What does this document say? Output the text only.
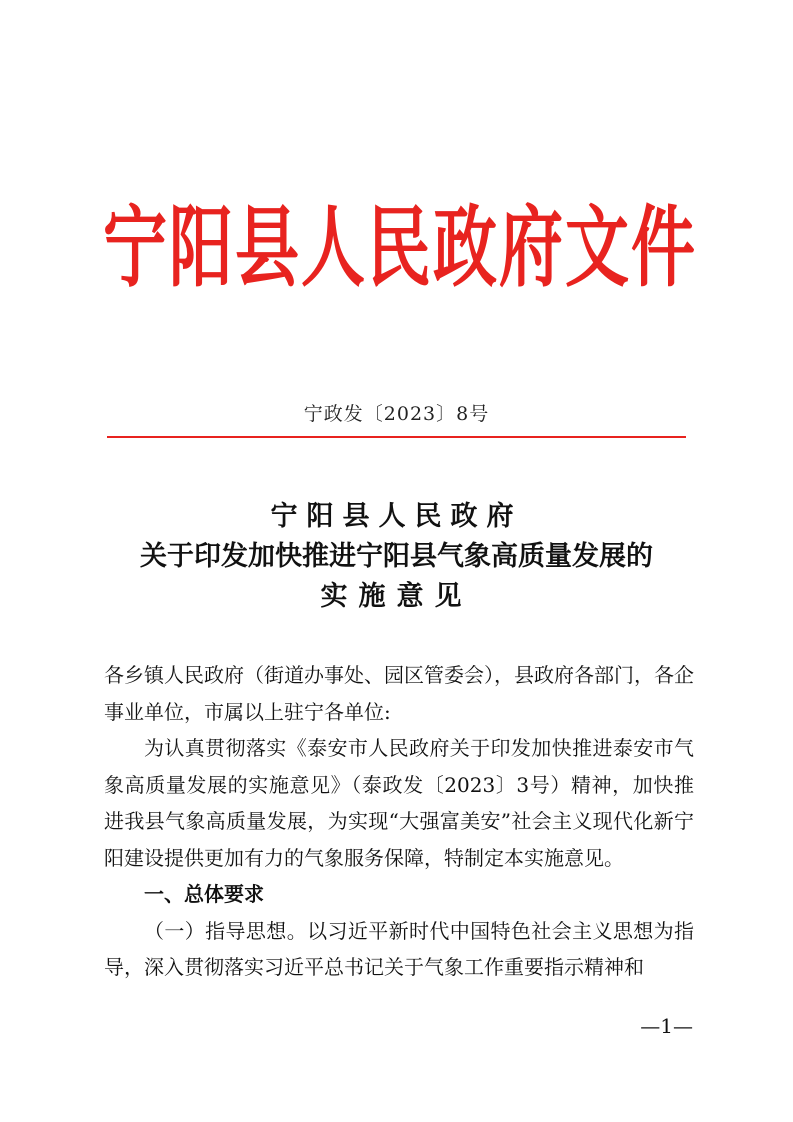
宁阳县人民政府文件
宁政发〔2023〕8号
宁阳县人民政府
关于印发加快推进宁阳县气象高质量发展的
实施意见

各乡镇人民政府（街道办事处、园区管委会），县政府各部门，各企事业单位，市属以上驻宁各单位:

为认真贯彻落实《泰安市人民政府关于印发加快推进泰安市气象高质量发展的实施意见》（泰政发〔2023〕3号）精神，加快推进我县气象高质量发展，为实现“大强富美安”社会主义现代化新宁阳建设提供更加有力的气象服务保障，特制定本实施意见。

一、总体要求

（一）指导思想。以习近平新时代中国特色社会主义思想为指导，深入贯彻落实习近平总书记关于气象工作重要指示精神和

—1—
